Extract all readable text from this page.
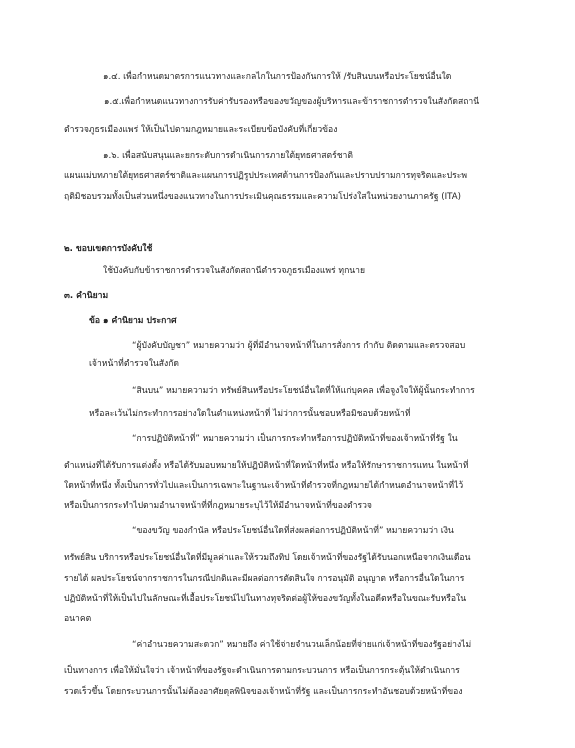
๑.๔. เพื่อกำหนดมาตรการแนวทางและกลไกในการป้องกันการให้ /รับสินบนหรือประโยชน์อื่นใด
๑.๕.เพื่อกำหนดแนวทางการรับค่ารับรองหรือของขวัญของผู้บริหารและข้าราชการตำรวจในสังกัดสถานี
ตำรวจภูธรเมืองแพร่ ให้เป็นไปตามกฎหมายและระเบียบข้อบังคับที่เกี่ยวข้อง
๑.๖. เพื่อสนับสนุนและยกระดับการดำเนินการภายใต้ยุทธศาสตร์ชาติ
แผนแม่บทภายใต้ยุทธศาสตร์ชาติและแผนการปฏิรูปประเทศด้านการป้องกันและปราบปรามการทุจริตและประพ
ฤติมิชอบรวมทั้งเป็นส่วนหนึ่งของแนวทางในการประเมินคุณธรรมและความโปร่งใสในหน่วยงานภาครัฐ (ITA)
๒. ขอบเขตการบังคับใช้
ใช้บังคับกับข้าราชการตำรวจในสังกัดสถานีตำรวจภูธรเมืองแพร่ ทุกนาย
๓. คำนิยาม
ข้อ ๑ คำนิยาม ประกาศ
“ผู้บังคับบัญชา” หมายความว่า ผู้ที่มีอำนาจหน้าที่ในการสั่งการ กำกับ ติดตามและตรวจสอบ
เจ้าหน้าที่ตำรวจในสังกัด
“สินบน” หมายความว่า ทรัพย์สินหรือประโยชน์อื่นใดที่ให้แก่บุคคล เพื่อจูงใจให้ผู้นั้นกระทำการ
หรือละเว้นไม่กระทำการอย่างใดในตำแหน่งหน้าที่ ไม่ว่าการนั้นชอบหรือมิชอบด้วยหน้าที่
“การปฏิบัติหน้าที่” หมายความว่า เป็นการกระทำหรือการปฏิบัติหน้าที่ของเจ้าหน้าที่รัฐ ใน
ตำแหน่งที่ได้รับการแต่งตั้ง หรือได้รับมอบหมายให้ปฏิบัติหน้าที่ใดหน้าที่หนึ่ง หรือให้รักษาราชการแทน ในหน้าที่
ใดหน้าที่หนึ่ง ทั้งเป็นการทั่วไปและเป็นการเฉพาะในฐานะเจ้าหน้าที่ตำรวจที่กฎหมายได้กำหนดอำนาจหน้าที่ไว้
หรือเป็นการกระทำไปตามอำนาจหน้าที่ที่กฎหมายระบุไว้ให้มีอำนาจหน้าที่ของตำรวจ
“ของขวัญ ของกำนัล หรือประโยชน์อื่นใดที่ส่งผลต่อการปฏิบัติหน้าที่” หมายความว่า เงิน
ทรัพย์สิน บริการหรือประโยชน์อื่นใดที่มีมูลค่าและให้รวมถึงทิป โดยเจ้าหน้าที่ของรัฐได้รับนอกเหนือจากเงินเดือน
รายได้ ผลประโยชน์จากราชการในกรณีปกติและมีผลต่อการตัดสินใจ การอนุมัติ อนุญาต หรือการอื่นใดในการ
ปฏิบัติหน้าที่ให้เป็นไปในลักษณะที่เอื้อประโยชน์ไปในทางทุจริตต่อผู้ให้ของขวัญทั้งในอดีตหรือในขณะรับหรือใน
อนาคต
“ค่าอำนวยความสะดวก” หมายถึง ค่าใช้จ่ายจำนวนเล็กน้อยที่จ่ายแก่เจ้าหน้าที่ของรัฐอย่างไม่
เป็นทางการ เพื่อให้มั่นใจว่า เจ้าหน้าที่ของรัฐจะดำเนินการตามกระบวนการ หรือเป็นการกระตุ้นให้ดำเนินการ
รวดเร็วขึ้น โดยกระบวนการนั้นไม่ต้องอาศัยดุลพินิจของเจ้าหน้าที่รัฐ และเป็นการกระทำอันชอบด้วยหน้าที่ของ
